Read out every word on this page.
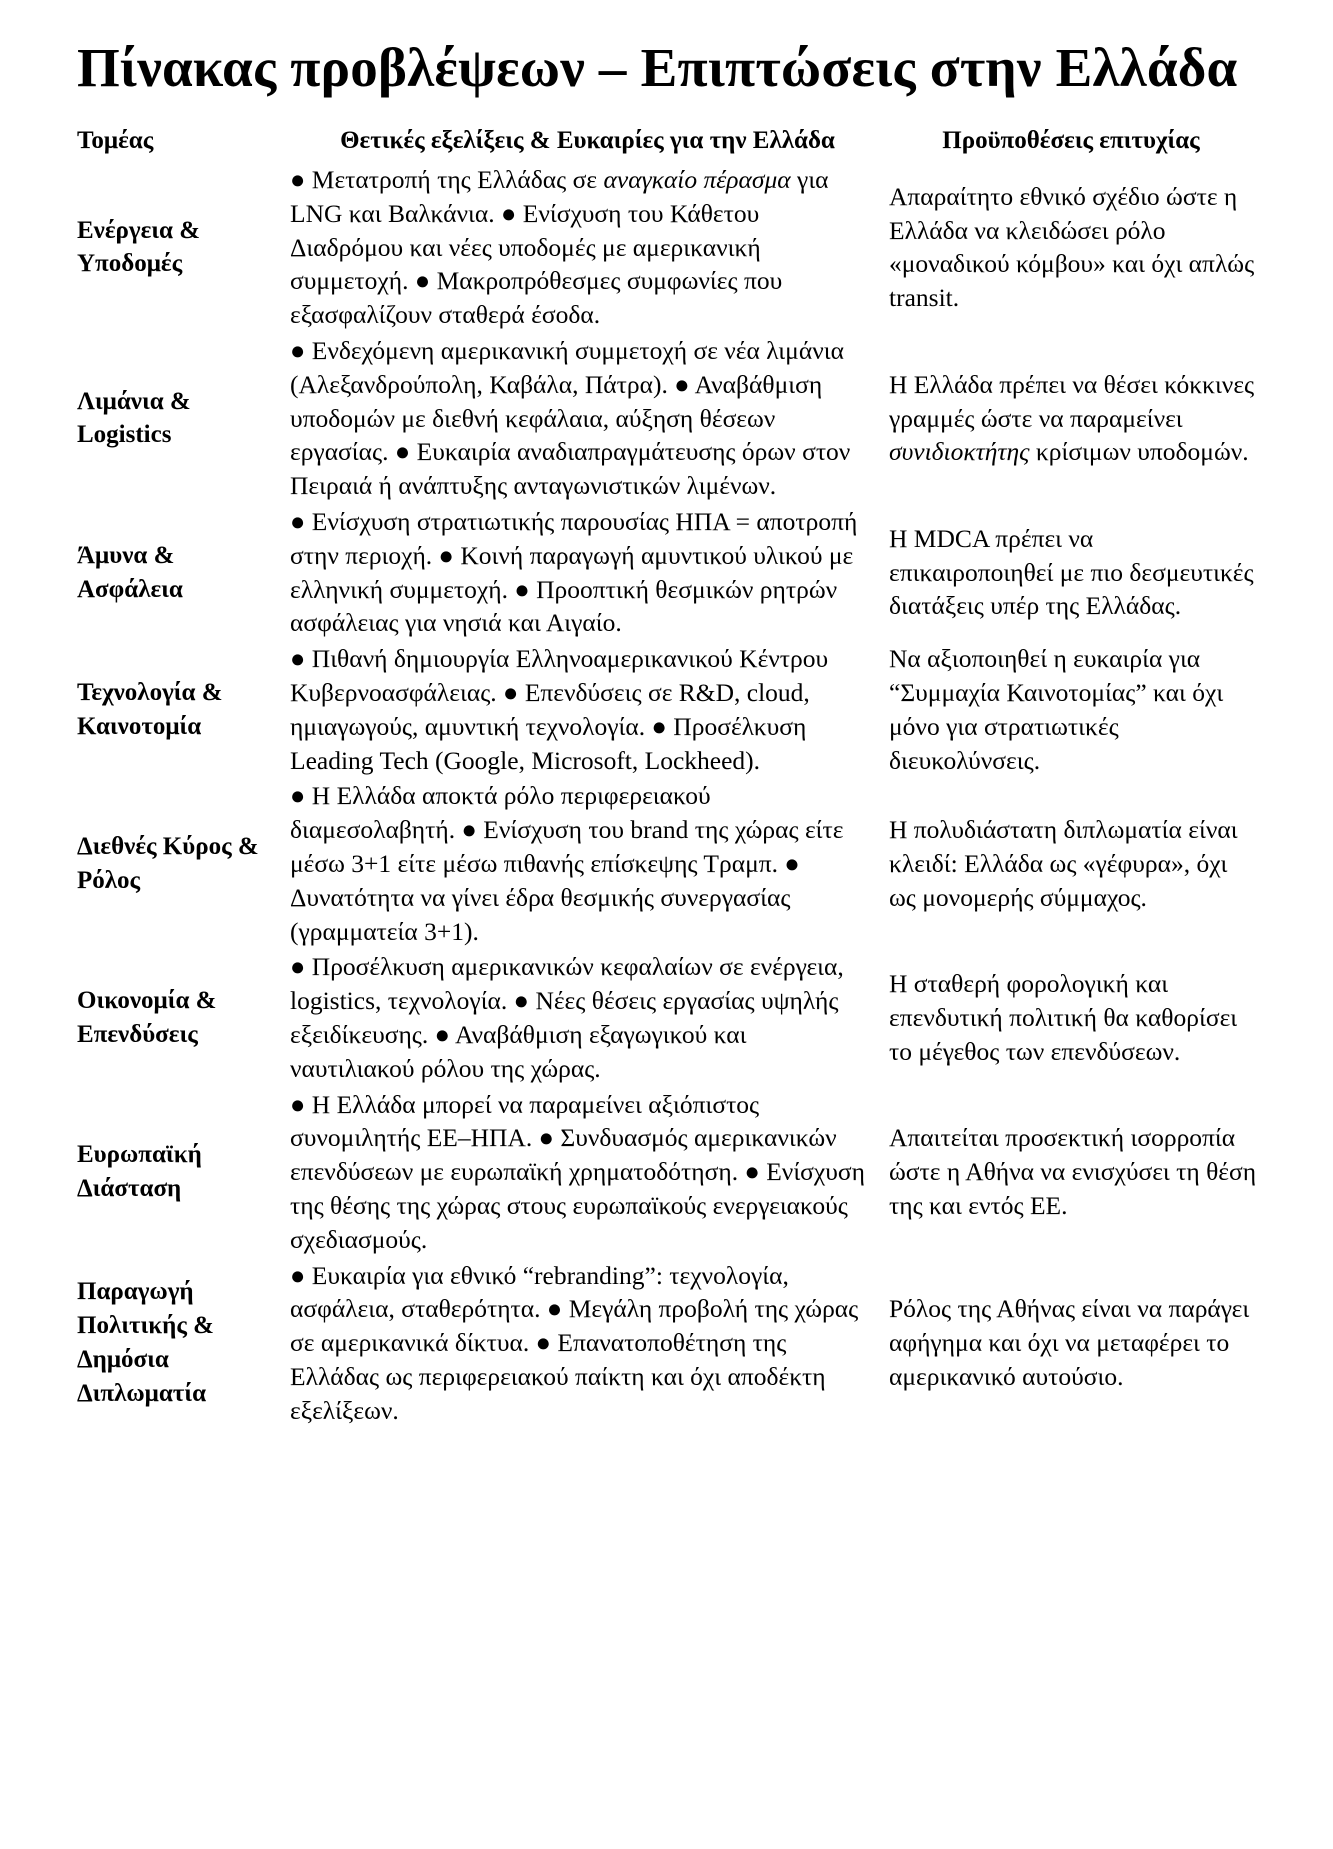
Πίνακας προβλέψεων – Επιπτώσεις στην Ελλάδα
Τομέας	Θετικές εξελίξεις & Ευκαιρίες για την Ελλάδα	Προϋποθέσεις επιτυχίας
Ενέργεια & Υποδομές	● Μετατροπή της Ελλάδας σε αναγκαίο πέρασμα για LNG και Βαλκάνια. ● Ενίσχυση του Κάθετου Διαδρόμου και νέες υποδομές με αμερικανική συμμετοχή. ● Μακροπρόθεσμες συμφωνίες που εξασφαλίζουν σταθερά έσοδα.	Απαραίτητο εθνικό σχέδιο ώστε η Ελλάδα να κλειδώσει ρόλο «μοναδικού κόμβου» και όχι απλώς transit.
Λιμάνια & Logistics	● Ενδεχόμενη αμερικανική συμμετοχή σε νέα λιμάνια (Αλεξανδρούπολη, Καβάλα, Πάτρα). ● Αναβάθμιση υποδομών με διεθνή κεφάλαια, αύξηση θέσεων εργασίας. ● Ευκαιρία αναδιαπραγμάτευσης όρων στον Πειραιά ή ανάπτυξης ανταγωνιστικών λιμένων.	Η Ελλάδα πρέπει να θέσει κόκκινες γραμμές ώστε να παραμείνει συνιδιοκτήτης κρίσιμων υποδομών.
Άμυνα & Ασφάλεια	● Ενίσχυση στρατιωτικής παρουσίας ΗΠΑ = αποτροπή στην περιοχή. ● Κοινή παραγωγή αμυντικού υλικού με ελληνική συμμετοχή. ● Προοπτική θεσμικών ρητρών ασφάλειας για νησιά και Αιγαίο.	Η MDCA πρέπει να επικαιροποιηθεί με πιο δεσμευτικές διατάξεις υπέρ της Ελλάδας.
Τεχνολογία & Καινοτομία	● Πιθανή δημιουργία Ελληνοαμερικανικού Κέντρου Κυβερνοασφάλειας. ● Επενδύσεις σε R&D, cloud, ημιαγωγούς, αμυντική τεχνολογία. ● Προσέλκυση Leading Tech (Google, Microsoft, Lockheed).	Να αξιοποιηθεί η ευκαιρία για “Συμμαχία Καινοτομίας” και όχι μόνο για στρατιωτικές διευκολύνσεις.
Διεθνές Κύρος & Ρόλος	● Η Ελλάδα αποκτά ρόλο περιφερειακού διαμεσολαβητή. ● Ενίσχυση του brand της χώρας είτε μέσω 3+1 είτε μέσω πιθανής επίσκεψης Τραμπ. ● Δυνατότητα να γίνει έδρα θεσμικής συνεργασίας (γραμματεία 3+1).	Η πολυδιάστατη διπλωματία είναι κλειδί: Ελλάδα ως «γέφυρα», όχι ως μονομερής σύμμαχος.
Οικονομία & Επενδύσεις	● Προσέλκυση αμερικανικών κεφαλαίων σε ενέργεια, logistics, τεχνολογία. ● Νέες θέσεις εργασίας υψηλής εξειδίκευσης. ● Αναβάθμιση εξαγωγικού και ναυτιλιακού ρόλου της χώρας.	Η σταθερή φορολογική και επενδυτική πολιτική θα καθορίσει το μέγεθος των επενδύσεων.
Ευρωπαϊκή Διάσταση	● Η Ελλάδα μπορεί να παραμείνει αξιόπιστος συνομιλητής ΕΕ–ΗΠΑ. ● Συνδυασμός αμερικανικών επενδύσεων με ευρωπαϊκή χρηματοδότηση. ● Ενίσχυση της θέσης της χώρας στους ευρωπαϊκούς ενεργειακούς σχεδιασμούς.	Απαιτείται προσεκτική ισορροπία ώστε η Αθήνα να ενισχύσει τη θέση της και εντός ΕΕ.
Παραγωγή Πολιτικής & Δημόσια Διπλωματία	● Ευκαιρία για εθνικό “rebranding”: τεχνολογία, ασφάλεια, σταθερότητα. ● Μεγάλη προβολή της χώρας σε αμερικανικά δίκτυα. ● Επανατοποθέτηση της Ελλάδας ως περιφερειακού παίκτη και όχι αποδέκτη εξελίξεων.	Ρόλος της Αθήνας είναι να παράγει αφήγημα και όχι να μεταφέρει το αμερικανικό αυτούσιο.
